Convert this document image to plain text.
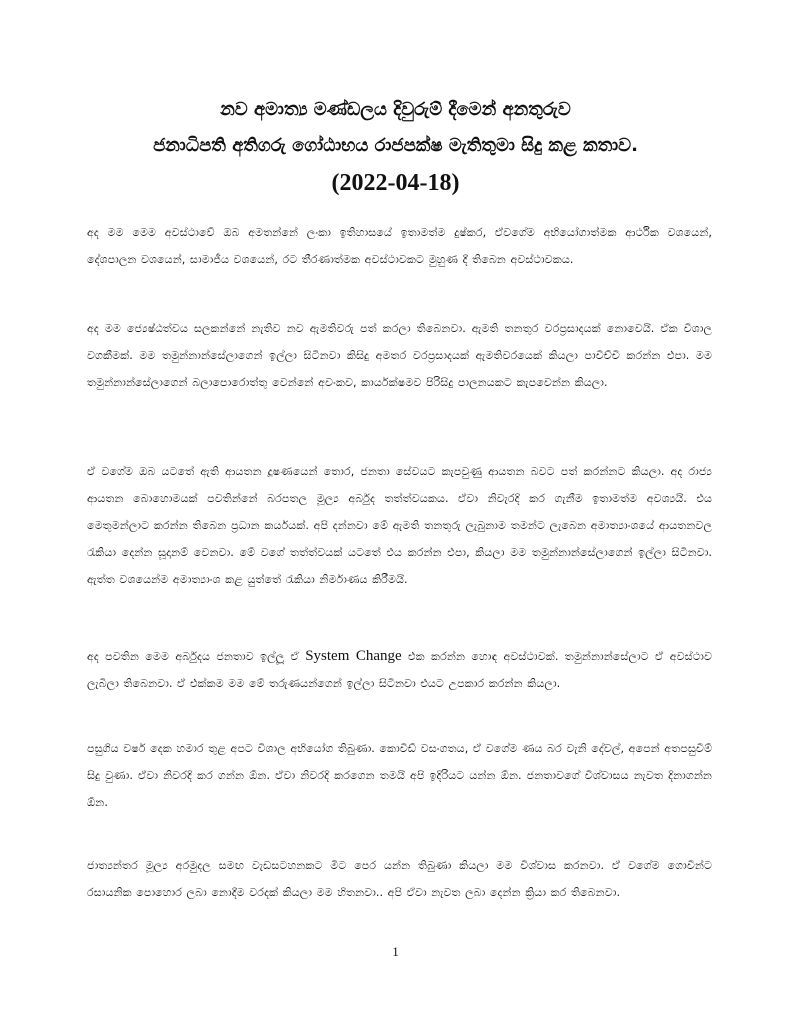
නව අමාත්‍ය මණ්ඩලය දිවුරුම් දීමෙන් අනතුරුව
ජනාධිපති අතිගරු ගෝඨාභය රාජපක්ෂ මැතිතුමා සිදු කළ කතාව.
(2022-04-18)

අද මම මෙම අවස්ථාවේ ඔබ අමතන්නේ ලංකා ඉතිහාසයේ ඉතාමත්ම දුෂ්කර, ඒවගේම අභියෝගාත්මක ආර්ථික වශයෙන්, දේශපාලන වශයෙන්, සාමාජීය වශයෙන්, රට තීරණාත්මක අවස්ථාවකට මුහුණ දී තිබෙන අවස්ථාවකය.

අද මම ජ්‍යෙෂ්ඨත්වය සලකන්නේ නැතිව නව ඇමතිවරු පත් කරලා තිබෙනවා. ඇමති තනතුර වරප්‍රසාදයක් නොවෙයි. ඒක විශාල වගකීමක්. මම තමුන්නාන්සේලාගෙන් ඉල්ලා සිටිනවා කිසිදු අමතර වරප්‍රසාදයක් ඇමතිවරයෙක් කියලා පාවිච්චි කරන්න එපා. මම තමුන්නාන්සේලාගෙන් බලාපොරොත්තු වෙන්නේ අවංකව, කාර්යක්ෂමව පිරිසිදු පාලනයකට කැපවෙන්න කියලා.

ඒ වගේම ඔබ යටතේ ඇති ආයතන දූෂණයෙන් තොර, ජනතා සේවයට කැපවුණු ආයතන බවට පත් කරන්නට කියලා. අද රාජ්‍ය ආයතන බොහොමයක් පවතින්නේ බරපතල මූල්‍ය අර්බුද තත්ත්වයකය. ඒවා නිවැරදි කර ගැනීම ඉතාමත්ම අවශ්‍යයි. එය මෙතුමන්ලාට කරන්න තිබෙන ප්‍රධාන කර්යයක්. අපි දන්නවා මේ ඇමති තනතුරු ලැබුනාම තමන්ට ලැබෙන අමාත්‍යාංශයේ ආයතනවල රැකියා දෙන්න සූදානම් වෙනවා. මේ වගේ තත්ත්වයක් යටතේ එය කරන්න එපා, කියලා මම තමුන්නාන්සේලාගෙන් ඉල්ලා සිටිනවා. ඇත්ත වශයෙන්ම අමාත්‍යාංශ කළ යුත්තේ රැකියා නිර්මාණය කිරීමයි.

අද පවතින මෙම අර්බුදය ජනතාව ඉල්ලූ ඒ System Change එක කරන්න හොඳ අවස්ථාවක්. තමුන්නාන්සේලාට ඒ අවස්ථාව ලැබිලා තිබෙනවා. ඒ එක්කම මම මේ තරුණයන්ගෙන් ඉල්ලා සිටිනවා එයට උපකාර කරන්න කියලා.

පසුගිය වර්ෂ දෙක හමාර තුළ අපට විශාල අභියෝග තිබුණා. කොවිඩ් වසංගතය, ඒ වගේම ණය බර වැනි දේවල්, අපෙන් අතපසුවීම් සිදු වුණා. ඒවා නිවරදි කර ගන්න ඕන. ඒවා නිවරදි කරගෙන තමයි අපි ඉදිරියට යන්න ඕන. ජනතාවගේ විශ්වාසය නැවත දිනාගන්න ඕන.

ජාත්‍යන්තර මූල්‍ය අරමුදල සමඟ වැඩසටහනකට මීට පෙර යන්න තිබුණා කියලා මම විශ්වාස කරනවා. ඒ වගේම ගොවීන්ට රසායනික පොහොර ලබා නොදීම වරදක් කියලා මම හිතනවා.. අපි ඒවා නැවත ලබා දෙන්න ක්‍රියා කර තිබෙනවා.

1
